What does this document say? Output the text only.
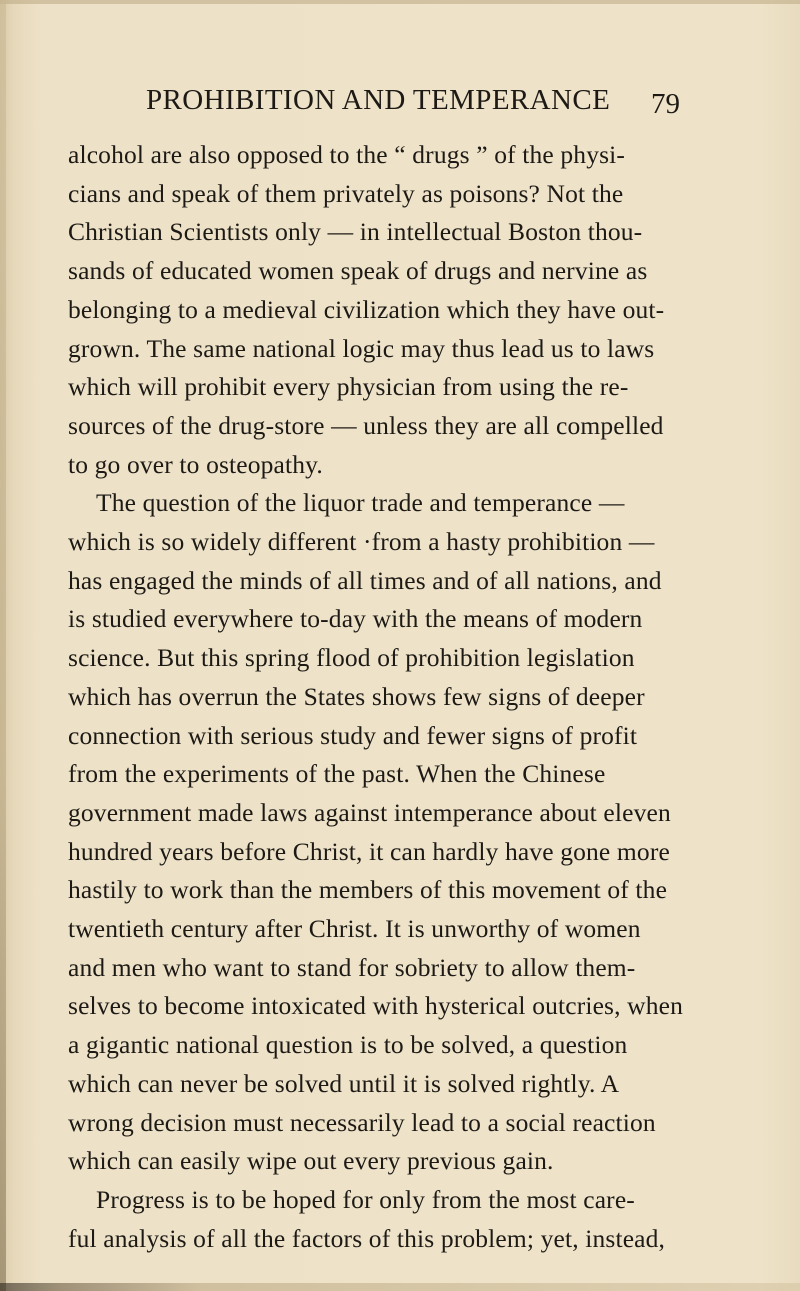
PROHIBITION AND TEMPERANCE 79
alcohol are also opposed to the “ drugs ” of the physi-
cians and speak of them privately as poisons? Not the
Christian Scientists only — in intellectual Boston thou-
sands of educated women speak of drugs and nervine as
belonging to a medieval civilization which they have out-
grown. The same national logic may thus lead us to laws
which will prohibit every physician from using the re-
sources of the drug-store — unless they are all compelled
to go over to osteopathy.
The question of the liquor trade and temperance —
which is so widely different ·from a hasty prohibition —
has engaged the minds of all times and of all nations, and
is studied everywhere to-day with the means of modern
science. But this spring flood of prohibition legislation
which has overrun the States shows few signs of deeper
connection with serious study and fewer signs of profit
from the experiments of the past. When the Chinese
government made laws against intemperance about eleven
hundred years before Christ, it can hardly have gone more
hastily to work than the members of this movement of the
twentieth century after Christ. It is unworthy of women
and men who want to stand for sobriety to allow them-
selves to become intoxicated with hysterical outcries, when
a gigantic national question is to be solved, a question
which can never be solved until it is solved rightly. A
wrong decision must necessarily lead to a social reaction
which can easily wipe out every previous gain.
Progress is to be hoped for only from the most care-
ful analysis of all the factors of this problem; yet, instead,
